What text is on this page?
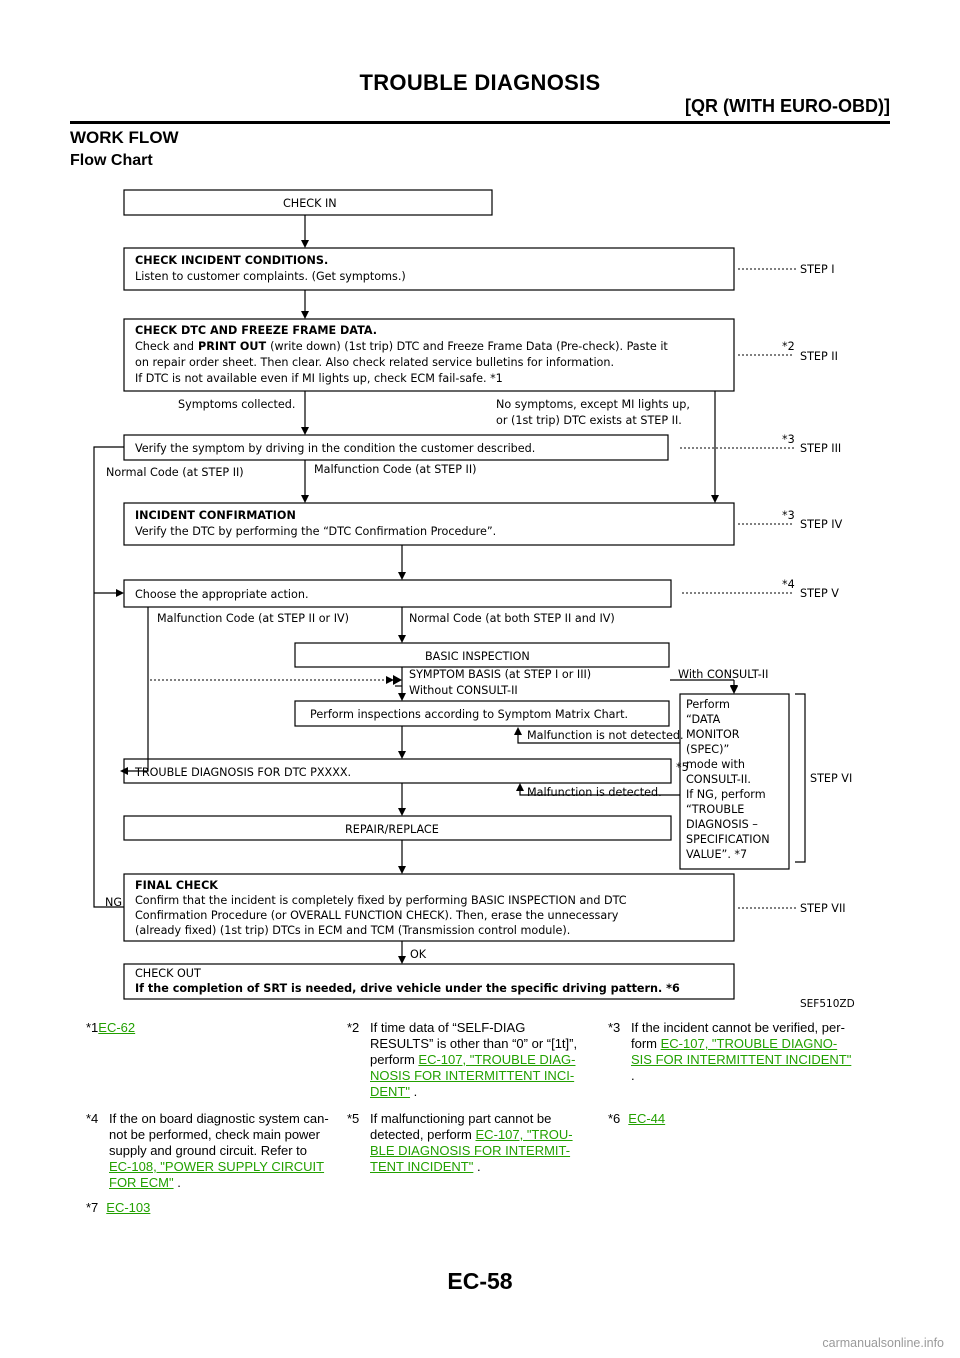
TROUBLE DIAGNOSIS
[QR (WITH EURO-OBD)]
WORK FLOW
Flow Chart
CHECK IN
CHECK INCIDENT CONDITIONS.
Listen to customer complaints. (Get symptoms.)
CHECK DTC AND FREEZE FRAME DATA.
Check and PRINT OUT (write down) (1st trip) DTC and Freeze Frame Data (Pre-check). Paste it
on repair order sheet. Then clear. Also check related service bulletins for information.
If DTC is not available even if MI lights up, check ECM fail-safe. *1
Symptoms collected.	No symptoms, except MI lights up,
or (1st trip) DTC exists at STEP II.
Verify the symptom by driving in the condition the customer described.
Normal Code (at STEP II)	Malfunction Code (at STEP II)
INCIDENT CONFIRMATION
Verify the DTC by performing the “DTC Confirmation Procedure”.
Choose the appropriate action.
Malfunction Code (at STEP II or IV)	Normal Code (at both STEP II and IV)
BASIC INSPECTION
SYMPTOM BASIS (at STEP I or III)	With CONSULT-II
Without CONSULT-II
Perform inspections according to Symptom Matrix Chart.
Malfunction is not detected.
TROUBLE DIAGNOSIS FOR DTC PXXXX.
Malfunction is detected.
REPAIR/REPLACE
FINAL CHECK
Confirm that the incident is completely fixed by performing BASIC INSPECTION and DTC
Confirmation Procedure (or OVERALL FUNCTION CHECK). Then, erase the unnecessary
(already fixed) (1st trip) DTCs in ECM and TCM (Transmission control module).
NG
OK
CHECK OUT
If the completion of SRT is needed, drive vehicle under the specific driving pattern. *6
Perform
“DATA
MONITOR
(SPEC)”
mode with
CONSULT-II.
If NG, perform
“TROUBLE
DIAGNOSIS –
SPECIFICATION
VALUE”. *7
STEP I
STEP II
STEP III
STEP IV
STEP V
STEP VI
STEP VII
*2
*3
*3
*4
*5
SEF510ZD
*1EC-62	*2 If time data of “SELF-DIAG
RESULTS” is other than “0” or “[1t]”,
perform EC-107, "TROUBLE DIAG-
NOSIS FOR INTERMITTENT INCI-
DENT" .
*3 If the incident cannot be verified, per-
form EC-107, "TROUBLE DIAGNO-
SIS FOR INTERMITTENT INCIDENT"
.
*4 If the on board diagnostic system can-
not be performed, check main power
supply and ground circuit. Refer to
EC-108, "POWER SUPPLY CIRCUIT
FOR ECM" .
*5 If malfunctioning part cannot be
detected, perform EC-107, "TROU-
BLE DIAGNOSIS FOR INTERMIT-
TENT INCIDENT" .
*6 EC-44
*7 EC-103
EC-58
carmanualsonline.info
